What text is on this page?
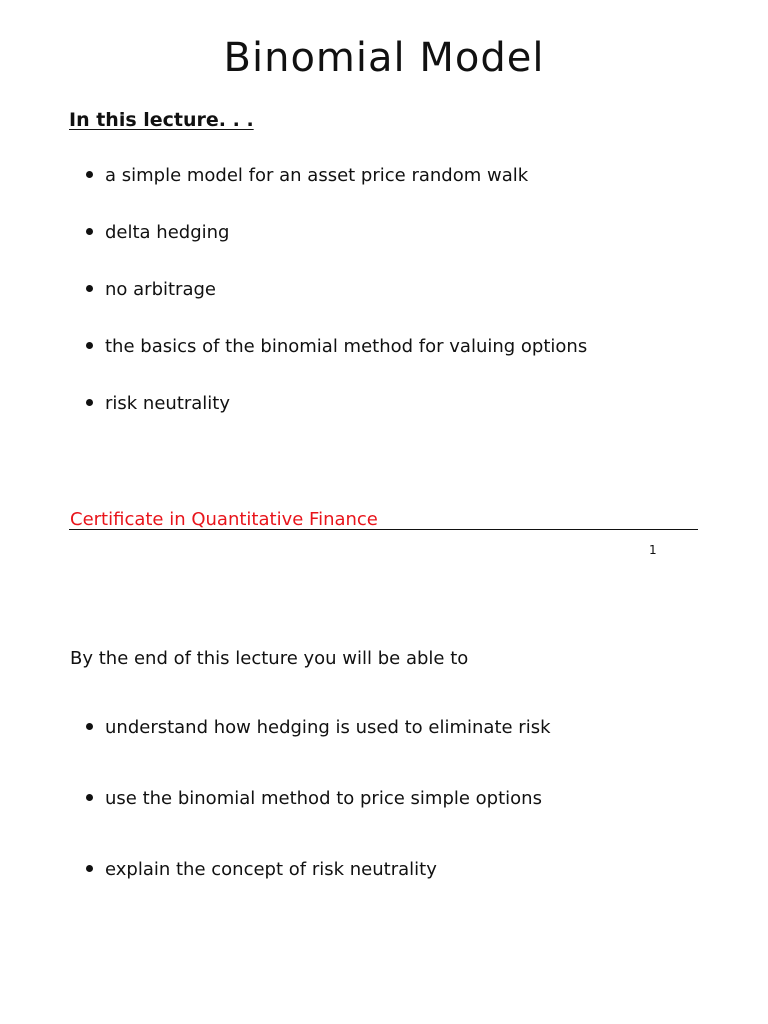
Binomial Model
In this lecture. . .
a simple model for an asset price random walk
delta hedging
no arbitrage
the basics of the binomial method for valuing options
risk neutrality
Certificate in Quantitative Finance
1
By the end of this lecture you will be able to
understand how hedging is used to eliminate risk
use the binomial method to price simple options
explain the concept of risk neutrality
